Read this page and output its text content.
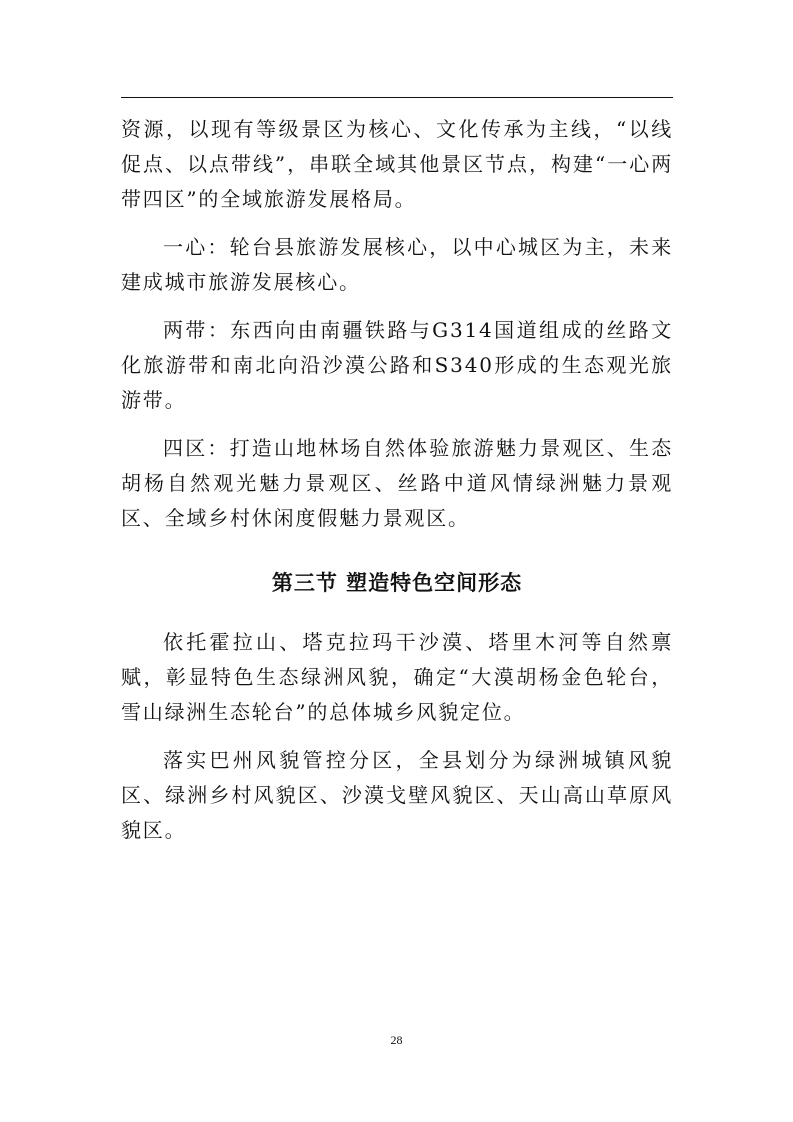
资源，以现有等级景区为核心、文化传承为主线，“以线促点、以点带线”，串联全域其他景区节点，构建“一心两带四区”的全域旅游发展格局。

一心：轮台县旅游发展核心，以中心城区为主，未来建成城市旅游发展核心。

两带：东西向由南疆铁路与G314国道组成的丝路文化旅游带和南北向沿沙漠公路和S340形成的生态观光旅游带。

四区：打造山地林场自然体验旅游魅力景观区、生态胡杨自然观光魅力景观区、丝路中道风情绿洲魅力景观区、全域乡村休闲度假魅力景观区。

第三节 塑造特色空间形态

依托霍拉山、塔克拉玛干沙漠、塔里木河等自然禀赋，彰显特色生态绿洲风貌，确定“大漠胡杨金色轮台，雪山绿洲生态轮台”的总体城乡风貌定位。

落实巴州风貌管控分区，全县划分为绿洲城镇风貌区、绿洲乡村风貌区、沙漠戈壁风貌区、天山高山草原风貌区。

28
